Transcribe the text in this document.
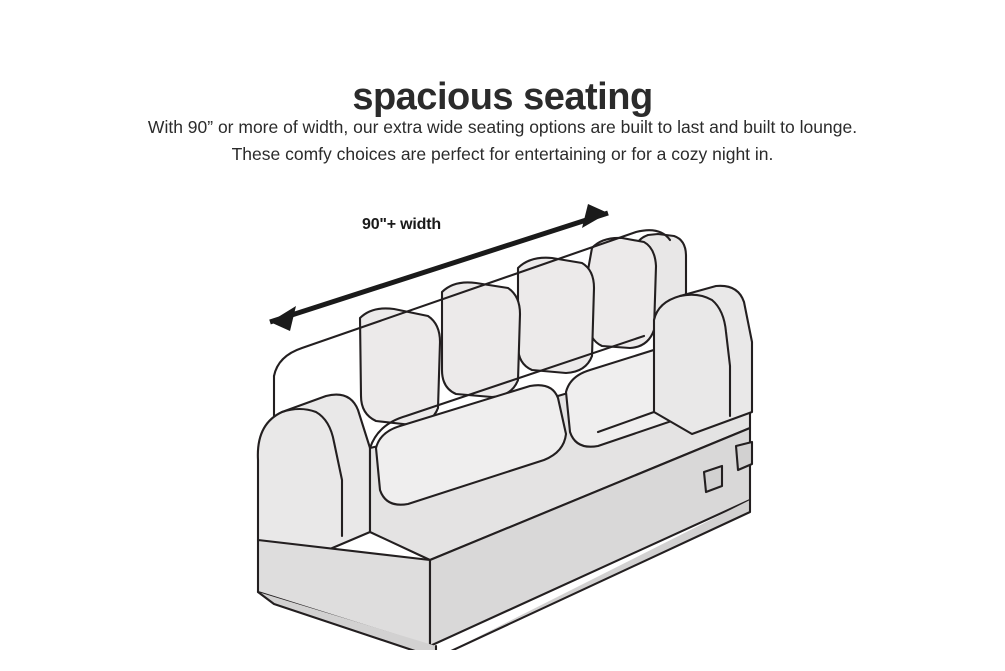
spacious seating
With 90” or more of width, our extra wide seating options are built to last and built to lounge.
These comfy choices are perfect for entertaining or for a cozy night in.
90"+ width
